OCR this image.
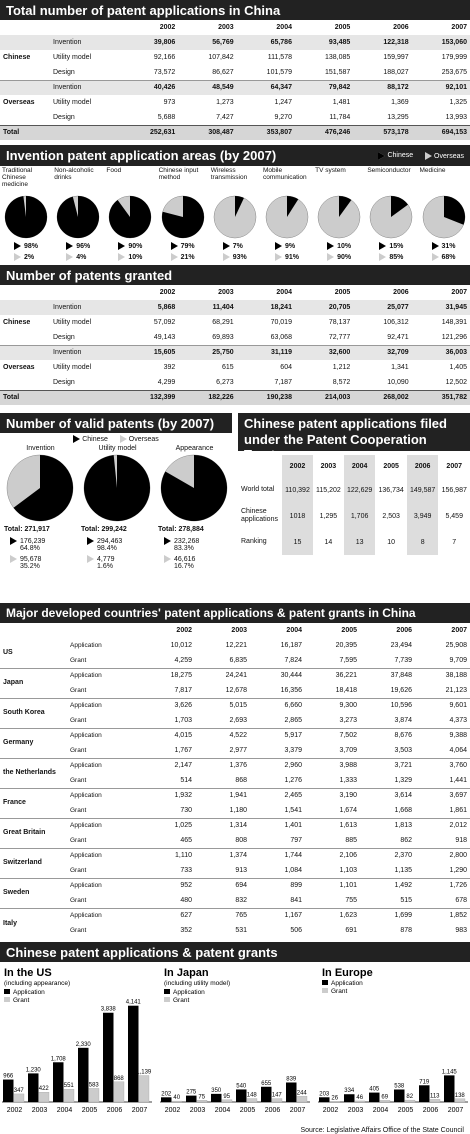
Total number of patent applications in China
		2002	2003	2004	2005	2006	2007
	Invention	39,806	56,769	65,786	93,485	122,318	153,060
Chinese	Utility model	92,166	107,842	111,578	138,085	159,997	179,999
	Design	73,572	86,627	101,579	151,587	188,027	253,675
	Invention	40,426	48,549	64,347	79,842	88,172	92,101
Overseas	Utility model	973	1,273	1,247	1,481	1,369	1,325
	Design	5,688	7,427	9,270	11,784	13,295	13,993
Total		252,631	308,487	353,807	476,246	573,178	694,153
Invention patent application areas (by 2007)	Chinese	Overseas
Traditional Chinese medicine
98%
2%
Non-alcoholic drinks
96%
4%
Food
90%
10%
Chinese input method
79%
21%
Wireless transmission
7%
93%
Mobile communication
9%
91%
TV system
10%
90%
Semiconductor
15%
85%
Medicine
31%
68%
Number of patents granted
		2002	2003	2004	2005	2006	2007
	Invention	5,868	11,404	18,241	20,705	25,077	31,945
Chinese	Utility model	57,092	68,291	70,019	78,137	106,312	148,391
	Design	49,143	69,893	63,068	72,777	92,471	121,296
	Invention	15,605	25,750	31,119	32,600	32,709	36,003
Overseas	Utility model	392	615	604	1,212	1,341	1,405
	Design	4,299	6,273	7,187	8,572	10,090	12,502
Total		132,399	182,226	190,238	214,003	268,002	351,782
Number of valid patents (by 2007)
Chinese	Overseas
Invention
Total: 271,917
176,239
64.8%
95,678
35.2%
Utility model
Total: 299,242
294,463
98.4%
4,779
1.6%
Appearance
Total: 278,884
232,268
83.3%
46,616
16.7%
Chinese patent applications filed
under the Patent Cooperation Treaty
	2002	2003	2004	2005	2006	2007
World total	110,392	115,202	122,629	136,734	149,587	156,987
Chinese applications	1018	1,295	1,706	2,503	3,949	5,459
Ranking	15	14	13	10	8	7
Major developed countries' patent applications & patent grants in China
		2002	2003	2004	2005	2006	2007
US	Application	10,012	12,221	16,187	20,395	23,494	25,908
	Grant	4,259	6,835	7,824	7,595	7,739	9,709
Japan	Application	18,275	24,241	30,444	36,221	37,848	38,188
	Grant	7,817	12,678	16,356	18,418	19,626	21,123
South Korea	Application	3,626	5,015	6,660	9,300	10,596	9,601
	Grant	1,703	2,693	2,865	3,273	3,874	4,373
Germany	Application	4,015	4,522	5,917	7,502	8,676	9,388
	Grant	1,767	2,977	3,379	3,709	3,503	4,064
the Netherlands	Application	2,147	1,376	2,960	3,988	3,721	3,760
	Grant	514	868	1,276	1,333	1,329	1,441
France	Application	1,932	1,941	2,465	3,190	3,614	3,697
	Grant	730	1,180	1,541	1,674	1,668	1,861
Great Britain	Application	1,025	1,314	1,401	1,613	1,813	2,012
	Grant	465	808	797	885	862	918
Switzerland	Application	1,110	1,374	1,744	2,106	2,370	2,800
	Grant	733	913	1,084	1,103	1,135	1,290
Sweden	Application	952	694	899	1,101	1,492	1,726
	Grant	480	832	841	755	515	678
Italy	Application	627	765	1,167	1,623	1,699	1,852
	Grant	352	531	506	691	878	983
Chinese patent applications & patent grants
In the US
(including appearance)
Application
Grant
966
347
2002
1,230
422
2003
1,708
551
2004
2,330
583
2005
3,838
868
2006
4,141
1,139
2007
In Japan
(including utility model)
Application
Grant
202
40
2002
275
75
2003
350
95
2004
540
148
2005
655
147
2006
839
244
2007
In Europe
Application
Grant
203
26
2002
334
46
2003
405
69
2004
538
82
2005
719
113
2006
1,145
138
2007
Source: Legislative Affairs Office of the State Council
